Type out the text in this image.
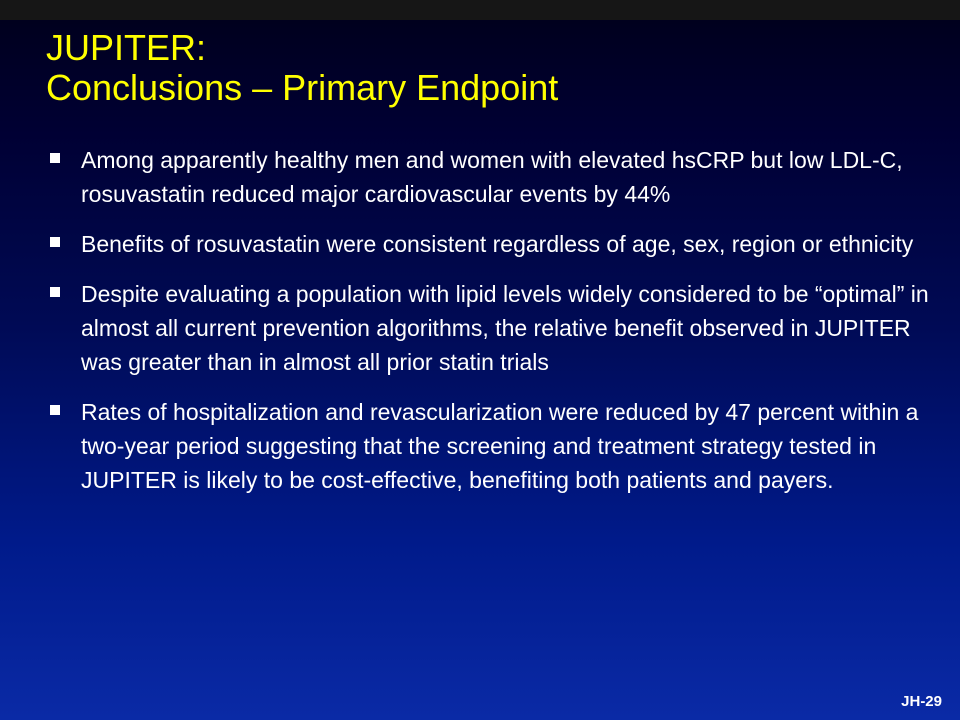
JUPITER:
Conclusions – Primary Endpoint
Among apparently healthy men and women with elevated hsCRP but low LDL-C, rosuvastatin reduced major cardiovascular events by 44%
Benefits of rosuvastatin were consistent regardless of age, sex, region or ethnicity
Despite evaluating a population with lipid levels widely considered to be “optimal” in almost all current prevention algorithms, the relative benefit observed in JUPITER was greater than in almost all prior statin trials
Rates of hospitalization and revascularization were reduced by 47 percent within a two-year period suggesting that the screening and treatment strategy tested in JUPITER is likely to be cost-effective, benefiting both patients and payers.
JH-29
